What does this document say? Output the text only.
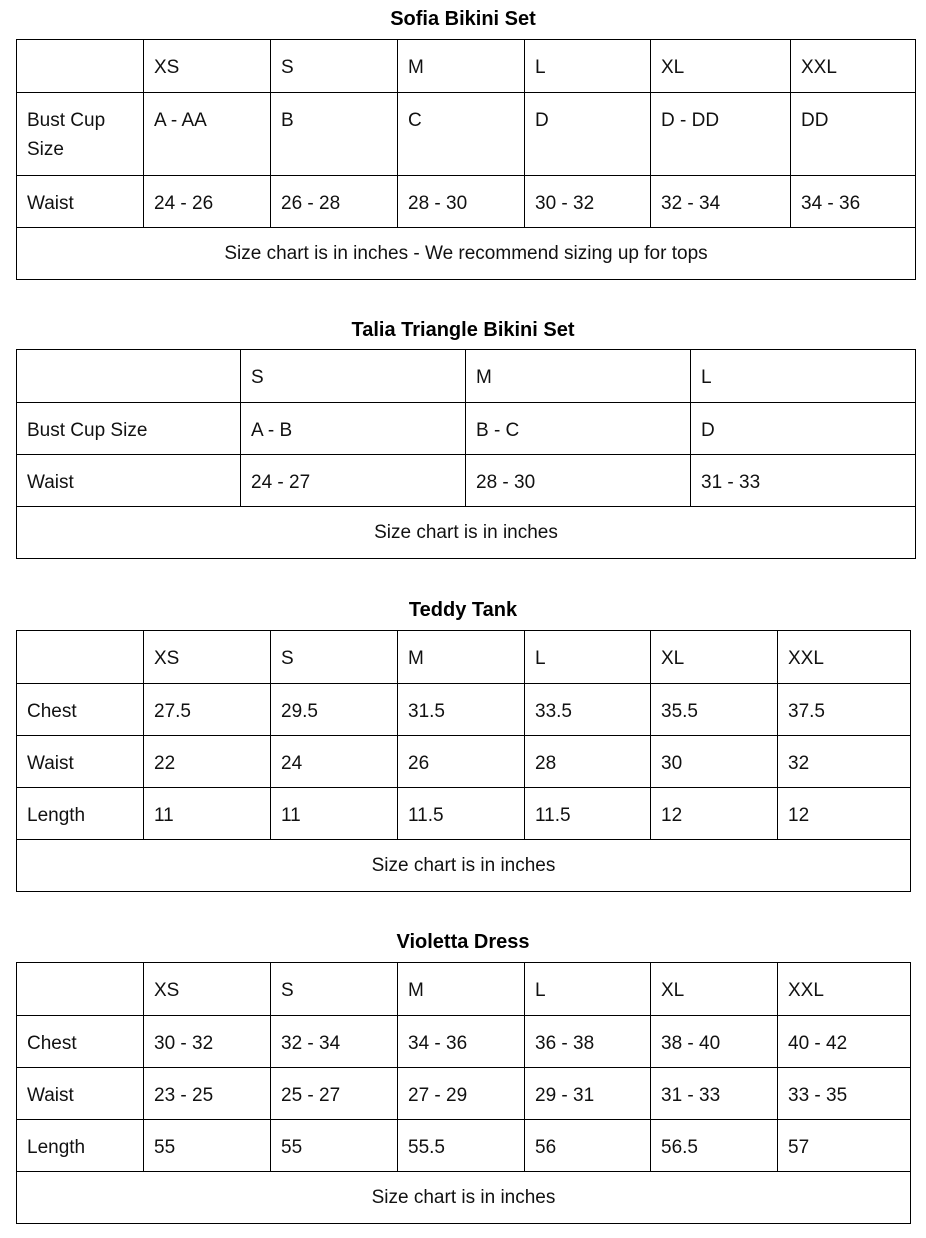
Sofia Bikini Set
	XS	S	M	L	XL	XXL
Bust Cup Size	A - AA	B	C	D	D - DD	DD
Waist	24 - 26	26 - 28	28 - 30	30 - 32	32 - 34	34 - 36
Size chart is in inches - We recommend sizing up for tops						
Talia Triangle Bikini Set
	S	M	L
Bust Cup Size	A - B	B - C	D
Waist	24 - 27	28 - 30	31 - 33
Size chart is in inches			
Teddy Tank
	XS	S	M	L	XL	XXL
Chest	27.5	29.5	31.5	33.5	35.5	37.5
Waist	22	24	26	28	30	32
Length	11	11	11.5	11.5	12	12
Size chart is in inches						
Violetta Dress
	XS	S	M	L	XL	XXL
Chest	30 - 32	32 - 34	34 - 36	36 - 38	38 - 40	40 - 42
Waist	23 - 25	25 - 27	27 - 29	29 - 31	31 - 33	33 - 35
Length	55	55	55.5	56	56.5	57
Size chart is in inches						
